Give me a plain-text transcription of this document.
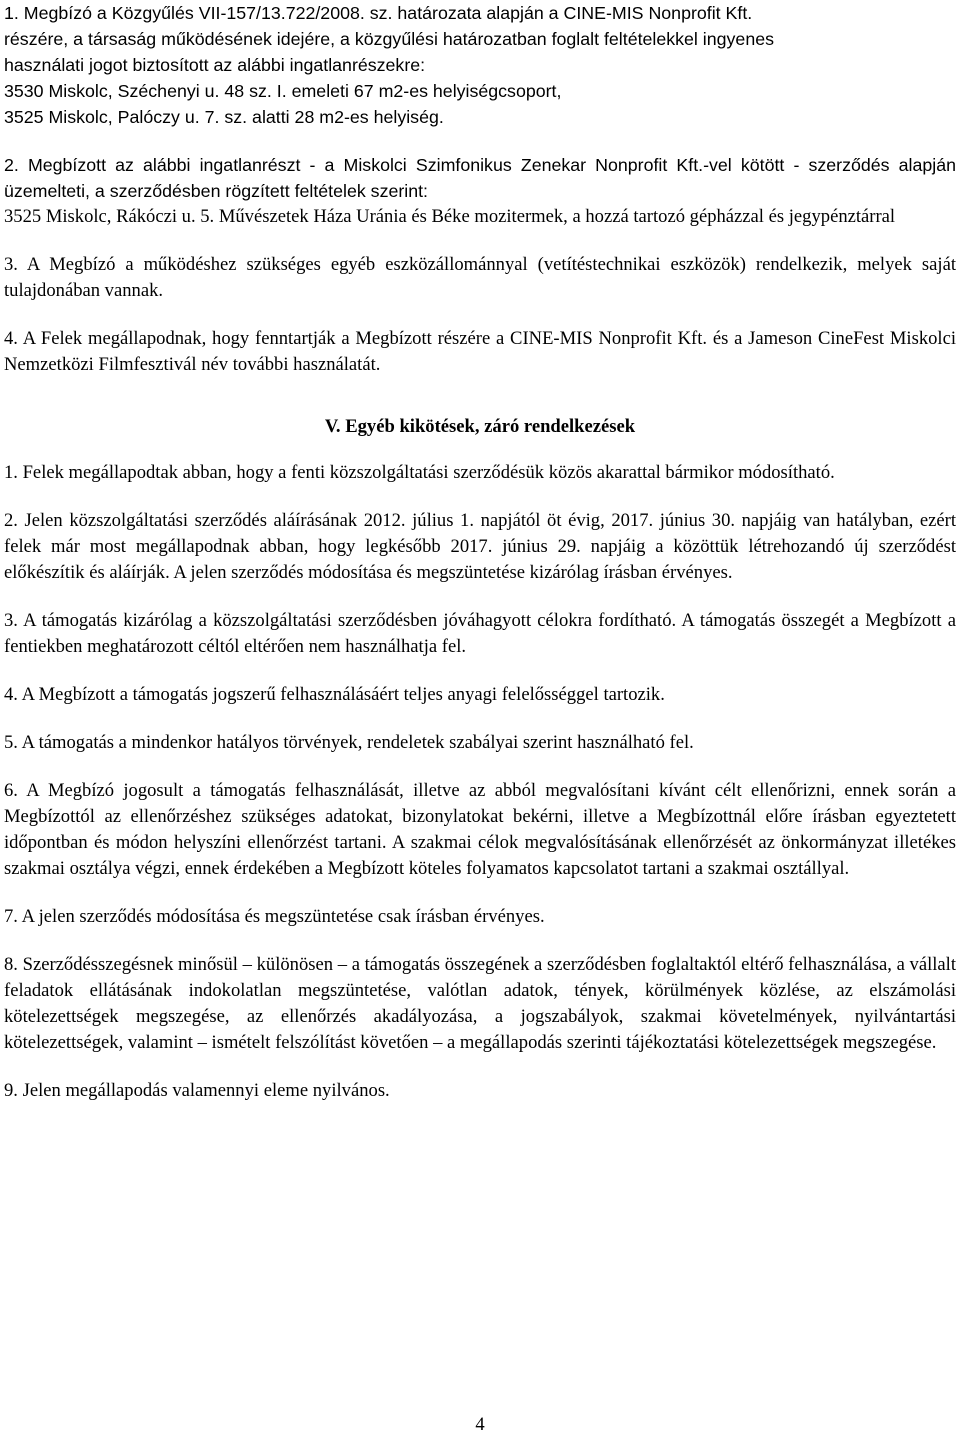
1. Megbízó a Közgyűlés VII-157/13.722/2008. sz. határozata alapján a CINE-MIS Nonprofit Kft.

részére, a társaság működésének idejére, a közgyűlési határozatban foglalt feltételekkel ingyenes

használati jogot biztosított az alábbi ingatlanrészekre:

3530 Miskolc, Széchenyi u. 48 sz. I. emeleti 67 m2-es helyiségcsoport,

3525 Miskolc, Palóczy u. 7. sz. alatti 28 m2-es helyiség.

2. Megbízott az alábbi ingatlanrészt - a Miskolci Szimfonikus Zenekar Nonprofit Kft.-vel kötött - szerződés alapján üzemelteti, a szerződésben rögzített feltételek szerint:

3525 Miskolc, Rákóczi u. 5. Művészetek Háza Uránia és Béke mozitermek, a hozzá tartozó gépházzal és jegypénztárral

3. A Megbízó a működéshez szükséges egyéb eszközállománnyal (vetítéstechnikai eszközök) rendelkezik, melyek saját tulajdonában vannak.

4. A Felek megállapodnak, hogy fenntartják a Megbízott részére a CINE-MIS Nonprofit Kft. és a Jameson CineFest Miskolci Nemzetközi Filmfesztivál név további használatát.

V. Egyéb kikötések, záró rendelkezések

1. Felek megállapodtak abban, hogy a fenti közszolgáltatási szerződésük közös akarattal bármikor módosítható.

2. Jelen közszolgáltatási szerződés aláírásának 2012. július 1. napjától öt évig, 2017. június 30. napjáig van hatályban, ezért felek már most megállapodnak abban, hogy legkésőbb 2017. június 29. napjáig a közöttük létrehozandó új szerződést előkészítik és aláírják. A jelen szerződés módosítása és megszüntetése kizárólag írásban érvényes.

3. A támogatás kizárólag a közszolgáltatási szerződésben jóváhagyott célokra fordítható. A támogatás összegét a Megbízott a fentiekben meghatározott céltól eltérően nem használhatja fel.

4. A Megbízott a támogatás jogszerű felhasználásáért teljes anyagi felelősséggel tartozik.

5. A támogatás a mindenkor hatályos törvények, rendeletek szabályai szerint használható fel.

6. A Megbízó jogosult a támogatás felhasználását, illetve az abból megvalósítani kívánt célt ellenőrizni, ennek során a Megbízottól az ellenőrzéshez szükséges adatokat, bizonylatokat bekérni, illetve a Megbízottnál előre írásban egyeztetett időpontban és módon helyszíni ellenőrzést tartani. A szakmai célok megvalósításának ellenőrzését az önkormányzat illetékes szakmai osztálya végzi, ennek érdekében a Megbízott köteles folyamatos kapcsolatot tartani a szakmai osztállyal.

7. A jelen szerződés módosítása és megszüntetése csak írásban érvényes.

8. Szerződésszegésnek minősül – különösen – a támogatás összegének a szerződésben foglaltaktól eltérő felhasználása, a vállalt feladatok ellátásának indokolatlan megszüntetése, valótlan adatok, tények, körülmények közlése, az elszámolási kötelezettségek megszegése, az ellenőrzés akadályozása, a jogszabályok, szakmai követelmények, nyilvántartási kötelezettségek, valamint – ismételt felszólítást követően – a megállapodás szerinti tájékoztatási kötelezettségek megszegése.

9. Jelen megállapodás valamennyi eleme nyilvános.

4
